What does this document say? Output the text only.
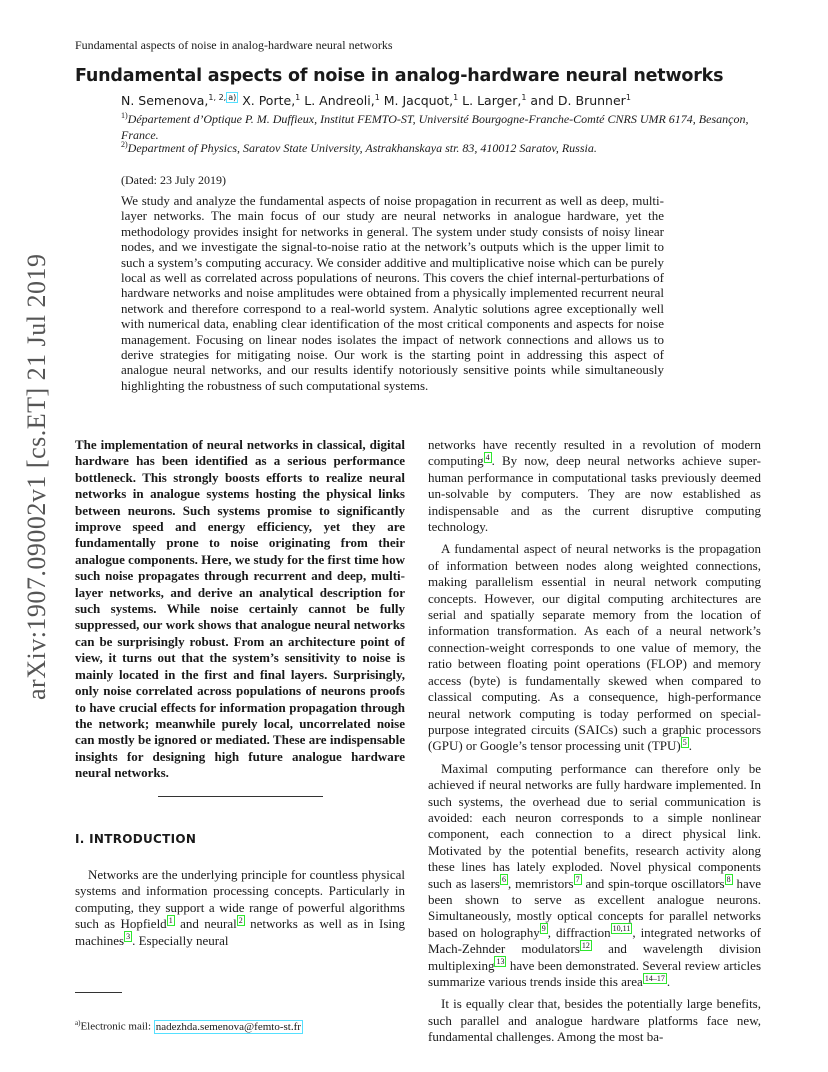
Fundamental aspects of noise in analog-hardware neural networks
Fundamental aspects of noise in analog-hardware neural networks
N. Semenova,$^{1, 2, a)}$ X. Porte,$^1$ L. Andreoli,$^1$ M. Jacquot,$^1$ L. Larger,$^1$ and D. Brunner$^1$
$^{1)}$Département d’Optique P. M. Duffieux, Institut FEMTO-ST, Université Bourgogne-Franche-Comté CNRS UMR 6174, Besançon, France.
$^{2)}$Department of Physics, Saratov State University, Astrakhanskaya str. 83, 410012 Saratov, Russia.
(Dated: 23 July 2019)
We study and analyze the fundamental aspects of noise propagation in recurrent as well as deep, multi-layer networks. The main focus of our study are neural networks in analogue hardware, yet the methodology provides insight for networks in general. The system under study consists of noisy linear nodes, and we investigate the signal-to-noise ratio at the network’s outputs which is the upper limit to such a system’s computing accuracy. We consider additive and multiplicative noise which can be purely local as well as correlated across populations of neurons. This covers the chief internal-perturbations of hardware networks and noise amplitudes were obtained from a physically implemented recurrent neural network and therefore correspond to a real-world system. Analytic solutions agree exceptionally well with numerical data, enabling clear identification of the most critical components and aspects for noise management. Focusing on linear nodes isolates the impact of network connections and allows us to derive strategies for mitigating noise. Our work is the starting point in addressing this aspect of analogue neural networks, and our results identify notoriously sensitive points while simultaneously highlighting the robustness of such computational systems.
arXiv:1907.09002v1 [cs.ET] 21 Jul 2019 The implementation of neural networks in classical, digital hardware has been identified as a serious performance bottleneck. This strongly boosts efforts to realize neural networks in analogue systems hosting the physical links between neurons. Such systems promise to significantly improve speed and energy efficiency, yet they are fundamentally prone to noise originating from their analogue components. Here, we study for the first time how such noise propagates through recurrent and deep, multi-layer networks, and derive an analytical description for such systems. While noise certainly cannot be fully suppressed, our work shows that analogue neural networks can be surprisingly robust. From an architecture point of view, it turns out that the system’s sensitivity to noise is mainly located in the first and final layers. Surprisingly, only noise correlated across populations of neurons proofs to have crucial effects for information propagation through the network; meanwhile purely local, uncorrelated noise can mostly be ignored or mediated. These are indispensable insights for designing high future analogue hardware neural networks.
I. INTRODUCTION
Networks are the underlying principle for countless physical systems and information processing concepts. Particularly in computing, they support a wide range of powerful algorithms such as Hopfield $^1$ and neural $^2$ networks as well as in Ising machines $^3$ . Especially neural
$^{a)}$Electronic mail: nadezhda.semenova@femto-st.fr

networks have recently resulted in a revolution of modern computing $^4$ . By now, deep neural networks achieve super-human performance in computational tasks previously deemed un-solvable by computers. They are now established as indispensable and as the current disruptive computing technology.

A fundamental aspect of neural networks is the propagation of information between nodes along weighted connections, making parallelism essential in neural network computing concepts. However, our digital computing architectures are serial and spatially separate memory from the location of information transformation. As each of a neural network’s connection-weight corresponds to one value of memory, the ratio between floating point operations (FLOP) and memory access (byte) is fundamentally skewed when compared to classical computing. As a consequence, high-performance neural network computing is today performed on special-purpose integrated circuits (SAICs) such a graphic processors (GPU) or Google’s tensor processing unit (TPU) $^5$ .

Maximal computing performance can therefore only be achieved if neural networks are fully hardware implemented. In such systems, the overhead due to serial communication is avoided: each neuron corresponds to a simple nonlinear component, each connection to a direct physical link. Motivated by the potential benefits, research activity along these lines has lately exploded. Novel physical components such as lasers $^6$ , memristors $^7$ and spin-torque oscillators $^8$ have been shown to serve as excellent analogue neurons. Simultaneously, mostly optical concepts for parallel networks based on holography $^9$ , diffraction $^{10,11}$ , integrated networks of Mach-Zehnder modulators $^{12}$ and wavelength division multiplexing $^{13}$ have been demonstrated. Several review articles summarize various trends inside this area $^{14-17}$ .

It is equally clear that, besides the potentially large benefits, such parallel and analogue hardware platforms face new, fundamental challenges. Among the most ba-
